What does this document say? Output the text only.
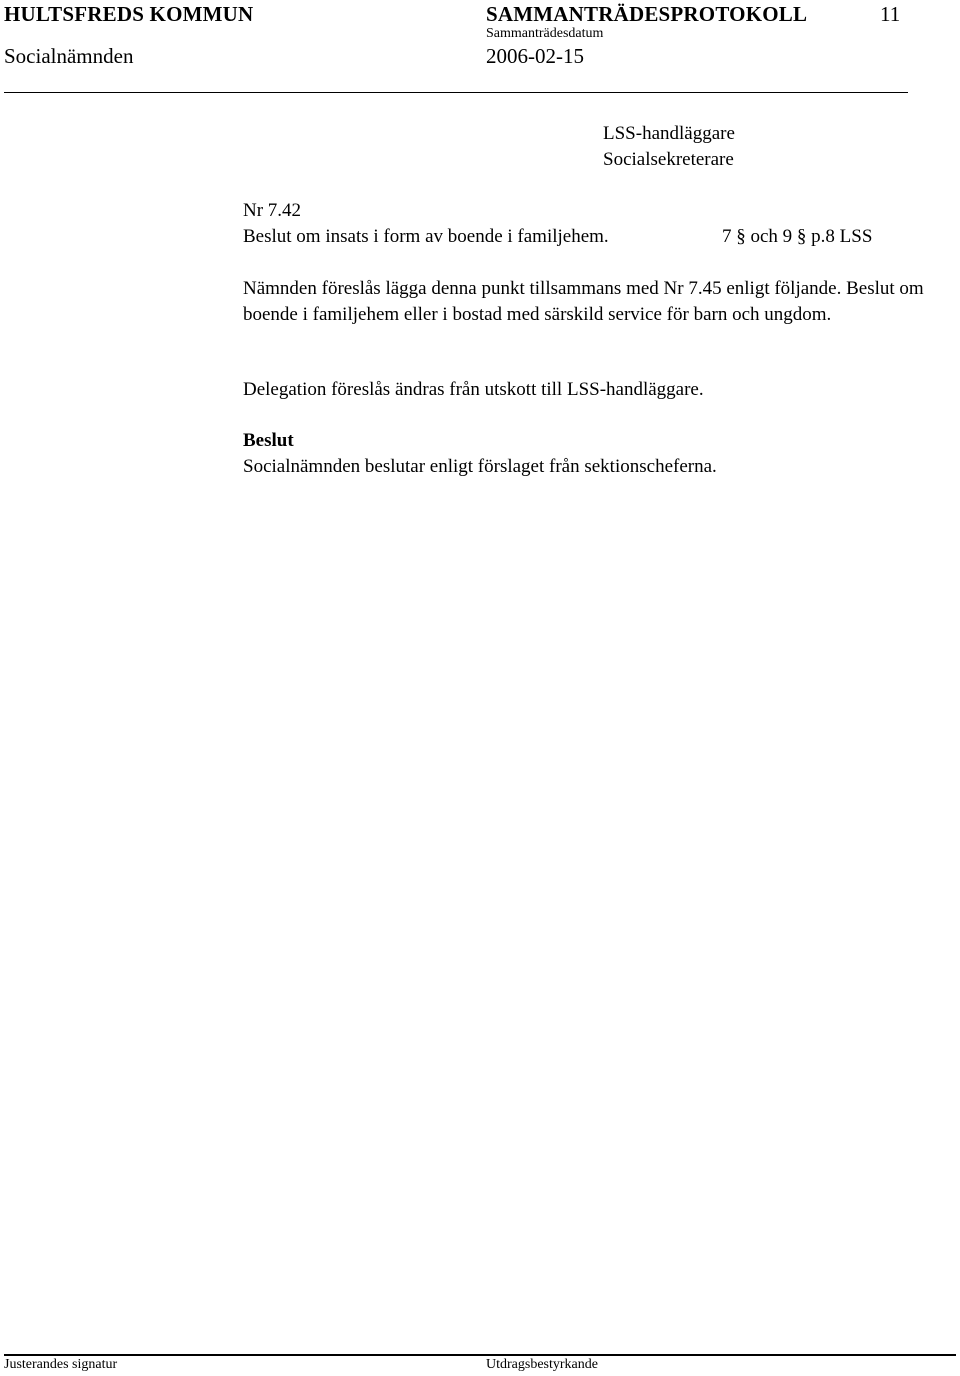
HULTSFREDS KOMMUN	SAMMANTRÄDESPROTOKOLL	11
Sammanträdesdatum
Socialnämnden	2006-02-15
LSS-handläggare
Socialsekreterare
Nr 7.42
Beslut om insats i form av boende i familjehem.	7 § och 9 § p.8 LSS
Nämnden föreslås lägga denna punkt tillsammans med Nr 7.45 enligt följande. Beslut om boende i familjehem eller i bostad med särskild service för barn och ungdom.
Delegation föreslås ändras från utskott till LSS-handläggare.
Beslut
Socialnämnden beslutar enligt förslaget från sektionscheferna.
Justerandes signatur	Utdragsbestyrkande
